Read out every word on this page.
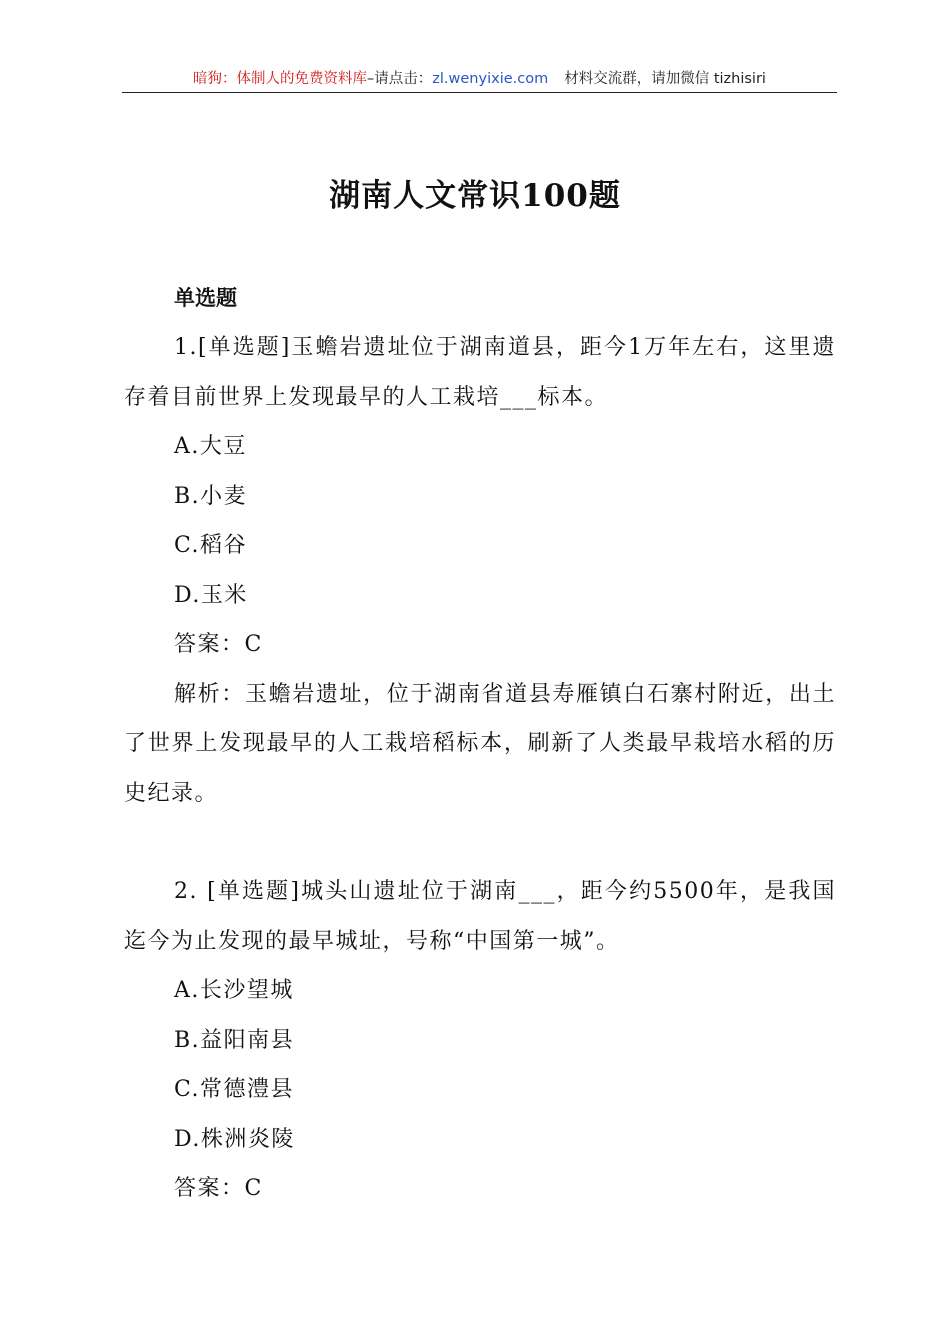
暗狗：体制人的免费资料库–请点击：zl.wenyixie.com 材料交流群，请加微信 tizhisiri
湖南人文常识100题
单选题

1.[单选题]玉蟾岩遗址位于湖南道县，距今1万年左右，这里遗存着目前世界上发现最早的人工栽培___标本。

A.大豆

B.小麦

C.稻谷

D.玉米

答案：C

解析：玉蟾岩遗址，位于湖南省道县寿雁镇白石寨村附近，出土了世界上发现最早的人工栽培稻标本，刷新了人类最早栽培水稻的历史纪录。

2. [单选题]城头山遗址位于湖南___，距今约5500年，是我国迄今为止发现的最早城址，号称“中国第一城”。

A.长沙望城

B.益阳南县

C.常德澧县

D.株洲炎陵

答案：C
